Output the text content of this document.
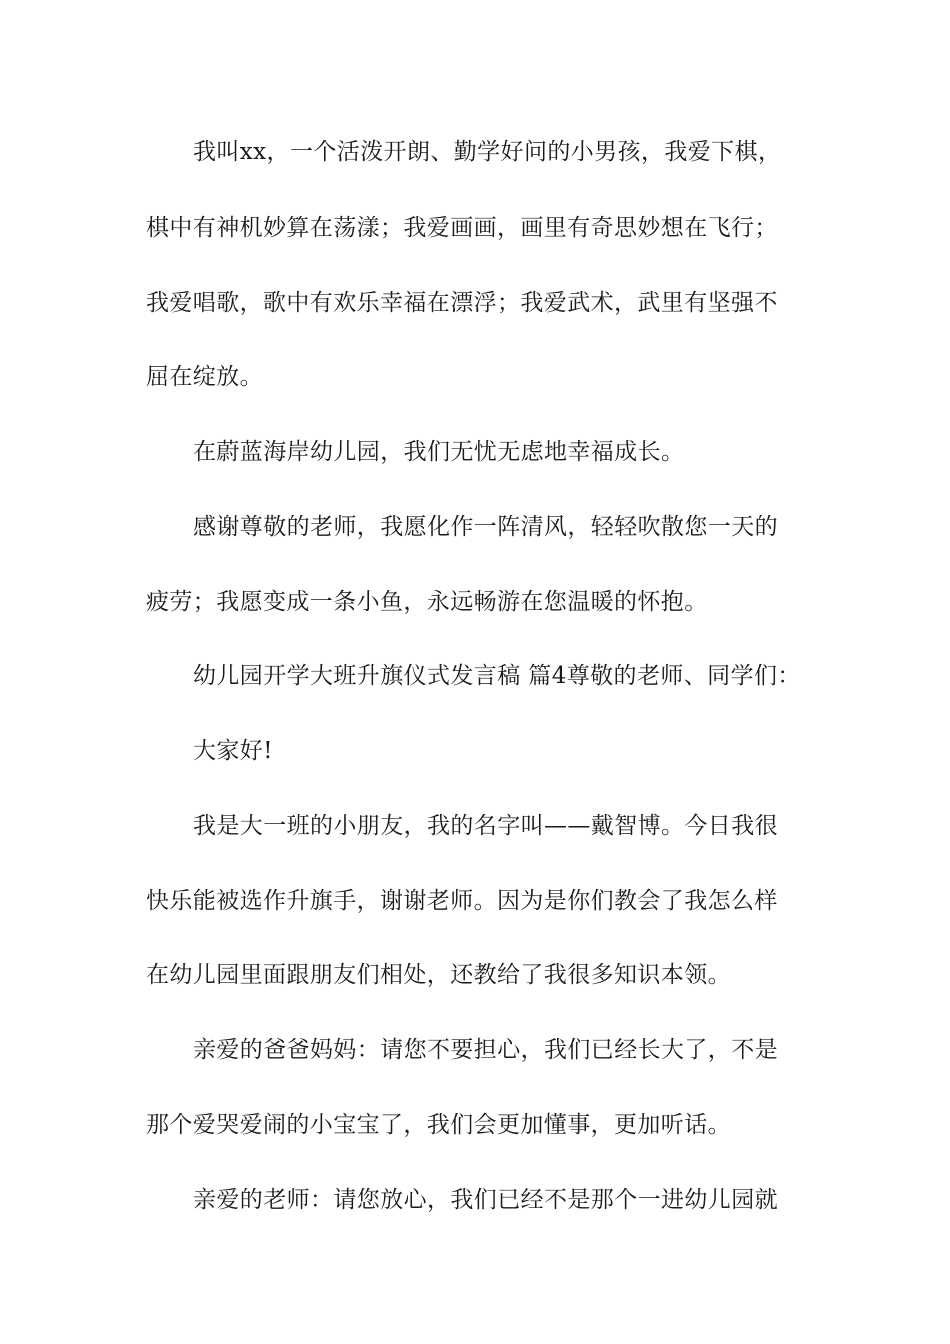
我叫xx，一个活泼开朗、勤学好问的小男孩，我爱下棋，
棋中有神机妙算在荡漾；我爱画画，画里有奇思妙想在飞行；
我爱唱歌，歌中有欢乐幸福在漂浮；我爱武术，武里有坚强不
屈在绽放。
在蔚蓝海岸幼儿园，我们无忧无虑地幸福成长。
感谢尊敬的老师，我愿化作一阵清风，轻轻吹散您一天的
疲劳；我愿变成一条小鱼，永远畅游在您温暖的怀抱。
幼儿园开学大班升旗仪式发言稿 篇4尊敬的老师、同学们：
大家好!
我是大一班的小朋友，我的名字叫——戴智博。今日我很
快乐能被选作升旗手，谢谢老师。因为是你们教会了我怎么样
在幼儿园里面跟朋友们相处，还教给了我很多知识本领。
亲爱的爸爸妈妈：请您不要担心，我们已经长大了，不是
那个爱哭爱闹的小宝宝了，我们会更加懂事，更加听话。
亲爱的老师：请您放心，我们已经不是那个一进幼儿园就
